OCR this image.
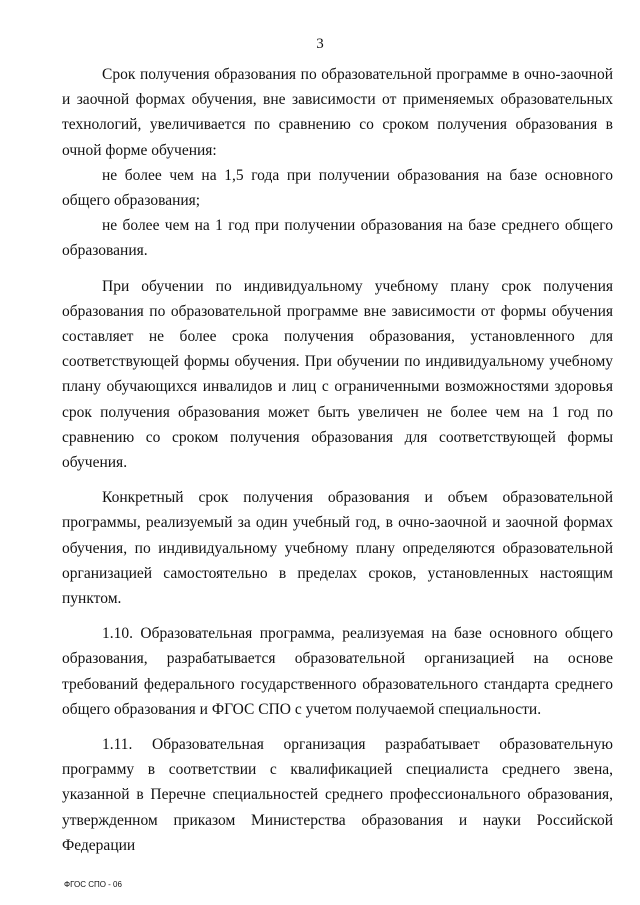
3

Срок получения образования по образовательной программе в очно-заочной и заочной формах обучения, вне зависимости от применяемых образовательных технологий, увеличивается по сравнению со сроком получения образования в очной форме обучения:

не более чем на 1,5 года при получении образования на базе основного общего образования;

не более чем на 1 год при получении образования на базе среднего общего образования.

При обучении по индивидуальному учебному плану срок получения образования по образовательной программе вне зависимости от формы обучения составляет не более срока получения образования, установленного для соответствующей формы обучения. При обучении по индивидуальному учебному плану обучающихся инвалидов и лиц с ограниченными возможностями здоровья срок получения образования может быть увеличен не более чем на 1 год по сравнению со сроком получения образования для соответствующей формы обучения.

Конкретный срок получения образования и объем образовательной программы, реализуемый за один учебный год, в очно-заочной и заочной формах обучения, по индивидуальному учебному плану определяются образовательной организацией самостоятельно в пределах сроков, установленных настоящим пунктом.

1.10. Образовательная программа, реализуемая на базе основного общего образования, разрабатывается образовательной организацией на основе требований федерального государственного образовательного стандарта среднего общего образования и ФГОС СПО с учетом получаемой специальности.

1.11. Образовательная организация разрабатывает образовательную программу в соответствии с квалификацией специалиста среднего звена, указанной в Перечне специальностей среднего профессионального образования, утвержденном приказом Министерства образования и науки Российской Федерации

ФГОС СПО - 06
